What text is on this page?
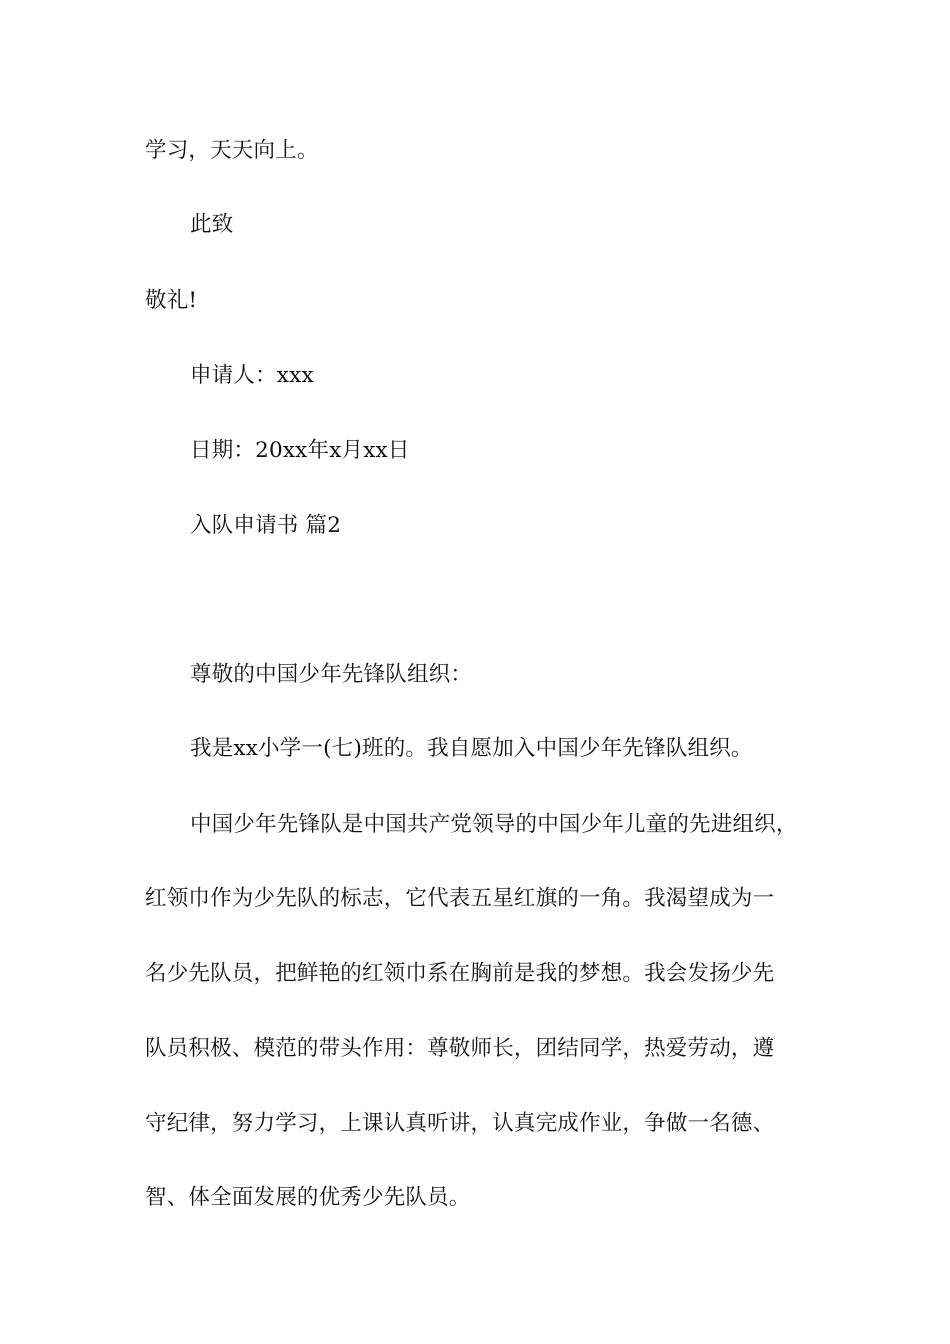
学习，天天向上。
此致
敬礼!
申请人：xxx
日期：20xx年x月xx日
入队申请书 篇2
尊敬的中国少年先锋队组织：
我是xx小学一(七)班的。我自愿加入中国少年先锋队组织。
中国少年先锋队是中国共产党领导的中国少年儿童的先进组织，
红领巾作为少先队的标志，它代表五星红旗的一角。我渴望成为一
名少先队员，把鲜艳的红领巾系在胸前是我的梦想。我会发扬少先
队员积极、模范的带头作用：尊敬师长，团结同学，热爱劳动，遵
守纪律，努力学习，上课认真听讲，认真完成作业，争做一名德、
智、体全面发展的优秀少先队员。
